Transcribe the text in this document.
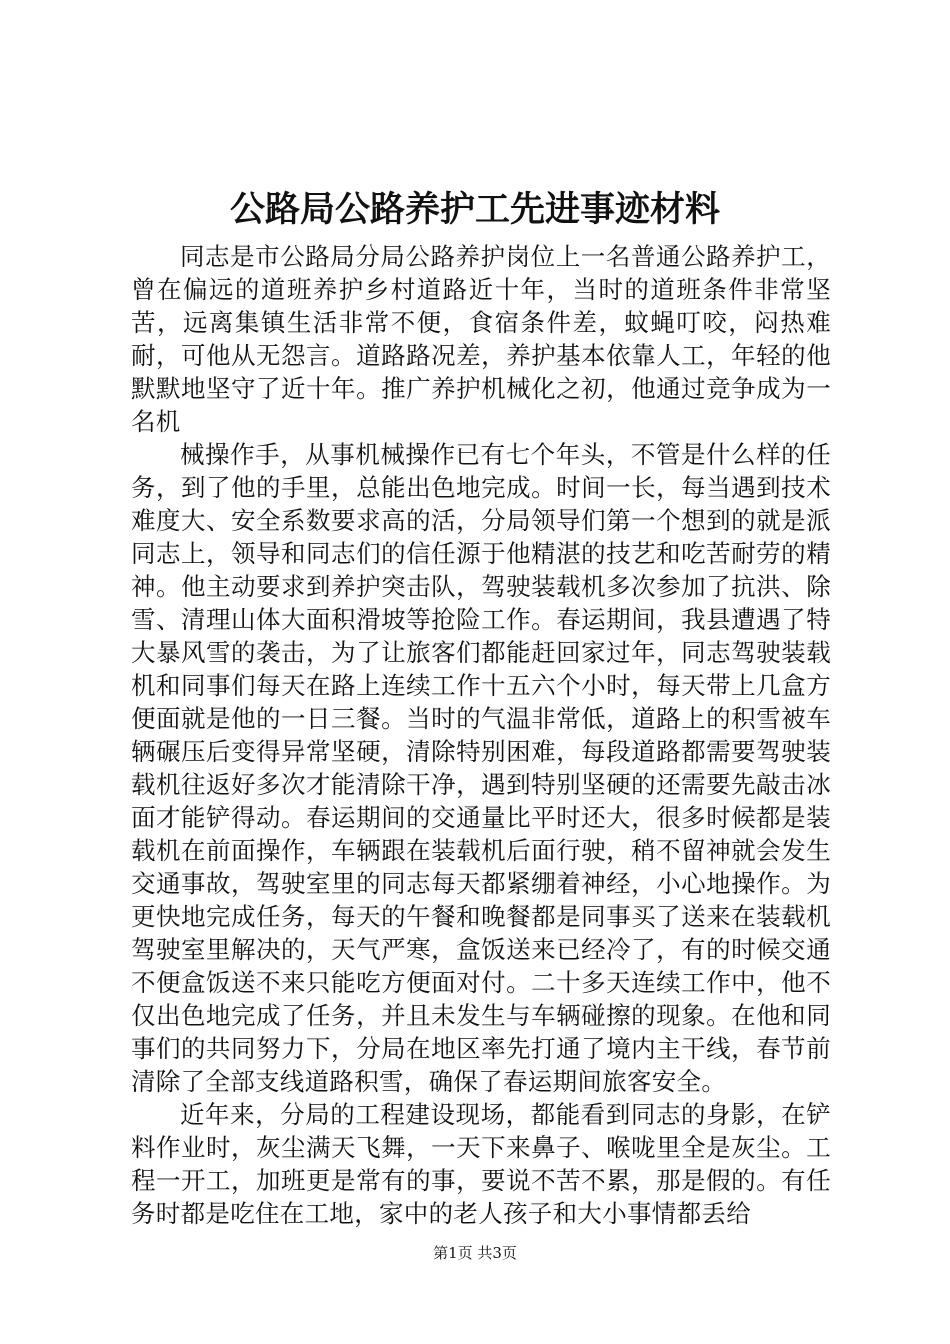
公路局公路养护工先进事迹材料

同志是市公路局分局公路养护岗位上一名普通公路养护工，曾在偏远的道班养护乡村道路近十年，当时的道班条件非常坚苦，远离集镇生活非常不便，食宿条件差，蚊蝇叮咬，闷热难耐，可他从无怨言。道路路况差，养护基本依靠人工，年轻的他默默地坚守了近十年。推广养护机械化之初，他通过竞争成为一名机

械操作手，从事机械操作已有七个年头，不管是什么样的任务，到了他的手里，总能出色地完成。时间一长，每当遇到技术难度大、安全系数要求高的活，分局领导们第一个想到的就是派同志上，领导和同志们的信任源于他精湛的技艺和吃苦耐劳的精神。他主动要求到养护突击队，驾驶装载机多次参加了抗洪、除雪、清理山体大面积滑坡等抢险工作。春运期间，我县遭遇了特大暴风雪的袭击，为了让旅客们都能赶回家过年，同志驾驶装载机和同事们每天在路上连续工作十五六个小时，每天带上几盒方便面就是他的一日三餐。当时的气温非常低，道路上的积雪被车辆碾压后变得异常坚硬，清除特别困难，每段道路都需要驾驶装载机往返好多次才能清除干净，遇到特别坚硬的还需要先敲击冰面才能铲得动。春运期间的交通量比平时还大，很多时候都是装载机在前面操作，车辆跟在装载机后面行驶，稍不留神就会发生交通事故，驾驶室里的同志每天都紧绷着神经，小心地操作。为更快地完成任务，每天的午餐和晚餐都是同事买了送来在装载机驾驶室里解决的，天气严寒，盒饭送来已经冷了，有的时候交通不便盒饭送不来只能吃方便面对付。二十多天连续工作中，他不仅出色地完成了任务，并且未发生与车辆碰擦的现象。在他和同事们的共同努力下，分局在地区率先打通了境内主干线，春节前清除了全部支线道路积雪，确保了春运期间旅客安全。

近年来，分局的工程建设现场，都能看到同志的身影，在铲料作业时，灰尘满天飞舞，一天下来鼻子、喉咙里全是灰尘。工程一开工，加班更是常有的事，要说不苦不累，那是假的。有任务时都是吃住在工地，家中的老人孩子和大小事情都丢给

第1页 共3页
